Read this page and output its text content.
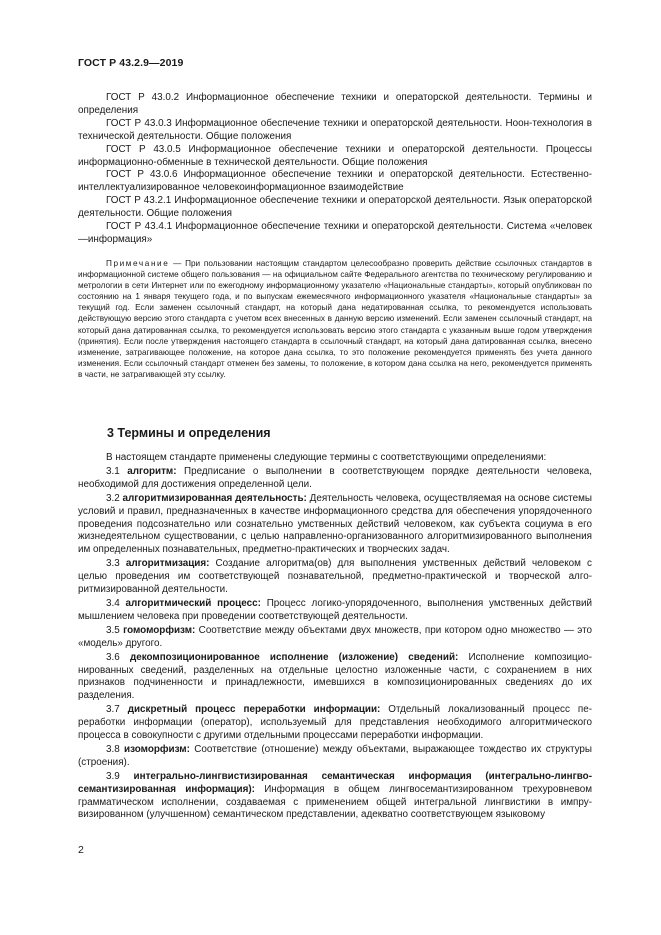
ГОСТ Р 43.2.9—2019

ГОСТ Р 43.0.2 Информационное обеспечение техники и операторской деятельности. Термины и определения

ГОСТ Р 43.0.3 Информационное обеспечение техники и операторской деятельности. Ноон-технология в технической деятельности. Общие положения

ГОСТ Р 43.0.5 Информационное обеспечение техники и операторской деятельности. Процессы информационно-обменные в технической деятельности. Общие положения

ГОСТ Р 43.0.6 Информационное обеспечение техники и операторской деятельности. Естественно-интеллектуализированное человекоинформационное взаимодействие

ГОСТ Р 43.2.1 Информационное обеспечение техники и операторской деятельности. Язык операторской деятельности. Общие положения

ГОСТ Р 43.4.1 Информационное обеспечение техники и операторской деятельности. Система «человек—информация»

Примечание — При пользовании настоящим стандартом целесообразно проверить действие ссылочных стандартов в информационной системе общего пользования — на официальном сайте Федерального агентства по техническому регулированию и метрологии в сети Интернет или по ежегодному информационному указателю «Национальные стандарты», который опубликован по состоянию на 1 января текущего года, и по выпускам ежемесячного информационного указателя «Национальные стандарты» за текущий год. Если заменен ссылочный стандарт, на который дана недатированная ссылка, то рекомендуется использовать действующую версию этого стандарта с учетом всех внесенных в данную версию изменений. Если заменен ссылочный стандарт, на который дана датированная ссылка, то рекомендуется использовать версию этого стандарта с указанным выше годом утверждения (принятия). Если после утверждения настоящего стандарта в ссылочный стандарт, на который дана датированная ссылка, внесено изменение, затрагивающее положение, на которое дана ссылка, то это положение рекомендуется применять без учета данного изменения. Если ссылочный стандарт отменен без замены, то положение, в котором дана ссылка на него, рекомендуется применять в части, не затрагивающей эту ссылку.

3 Термины и определения

В настоящем стандарте применены следующие термины с соответствующими определениями:

3.1 алгоритм: Предписание о выполнении в соответствующем порядке деятельности человека, необходимой для достижения определенной цели.

3.2 алгоритмизированная деятельность: Деятельность человека, осуществляемая на основе системы условий и правил, предназначенных в качестве информационного средства для обеспечения упорядоченного проведения подсознательно или сознательно умственных действий человеком, как субъекта социума в его жизнедеятельном существовании, с целью направленно-организованного алгоритмизированного выполнения им определенных познавательных, предметно-практических и творческих задач.

3.3 алгоритмизация: Создание алгоритма(ов) для выполнения умственных действий человеком с целью проведения им соответствующей познавательной, предметно-практической и творческой алгоритмизированной деятельности.

3.4 алгоритмический процесс: Процесс логико-упорядоченного, выполнения умственных действий мышлением человека при проведении соответствующей деятельности.

3.5 гомоморфизм: Соответствие между объектами двух множеств, при котором одно множество — это «модель» другого.

3.6 декомпозиционированное исполнение (изложение) сведений: Исполнение композиционированных сведений, разделенных на отдельные целостно изложенные части, с сохранением в них признаков подчиненности и принадлежности, имевшихся в композиционированных сведениях до их разделения.

3.7 дискретный процесс переработки информации: Отдельный локализованный процесс переработки информации (оператор), используемый для представления необходимого алгоритмического процесса в совокупности с другими отдельными процессами переработки информации.

3.8 изоморфизм: Соответствие (отношение) между объектами, выражающее тождество их структуры (строения).

3.9 интегрально-лингвистизированная семантическая информация (интегрально-лингвосемантизированная информация): Информация в общем лингвосемантизированном трехуровневом грамматическом исполнении, создаваемая с применением общей интегральной лингвистики в импрувизированном (улучшенном) семантическом представлении, адекватно соответствующем языковому

2
